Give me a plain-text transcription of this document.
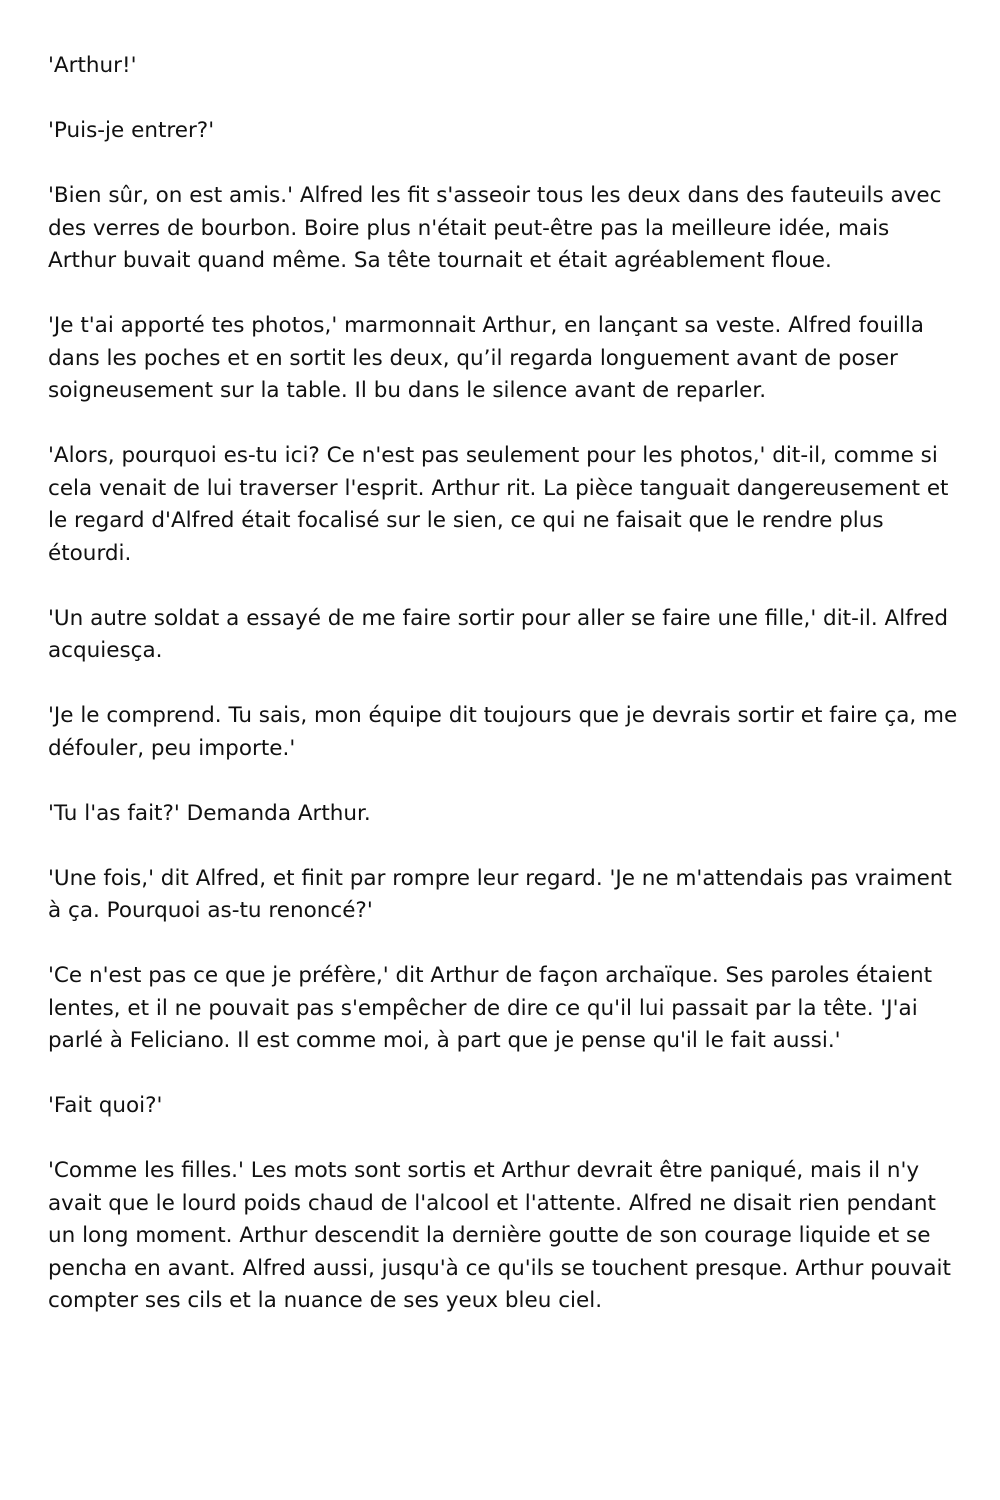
'Arthur!'

'Puis-je entrer?'

'Bien sûr, on est amis.' Alfred les fit s'asseoir tous les deux dans des fauteuils avec des verres de bourbon. Boire plus n'était peut-être pas la meilleure idée, mais Arthur buvait quand même. Sa tête tournait et était agréablement floue.

'Je t'ai apporté tes photos,' marmonnait Arthur, en lançant sa veste. Alfred fouilla dans les poches et en sortit les deux, qu’il regarda longuement avant de poser soigneusement sur la table. Il bu dans le silence avant de reparler.

'Alors, pourquoi es-tu ici? Ce n'est pas seulement pour les photos,' dit-il, comme si cela venait de lui traverser l'esprit. Arthur rit. La pièce tanguait dangereusement et le regard d'Alfred était focalisé sur le sien, ce qui ne faisait que le rendre plus étourdi.

'Un autre soldat a essayé de me faire sortir pour aller se faire une fille,' dit-il. Alfred acquiesça.

'Je le comprend. Tu sais, mon équipe dit toujours que je devrais sortir et faire ça, me défouler, peu importe.'

'Tu l'as fait?' Demanda Arthur.

'Une fois,' dit Alfred, et finit par rompre leur regard. 'Je ne m'attendais pas vraiment à ça. Pourquoi as-tu renoncé?'

'Ce n'est pas ce que je préfère,' dit Arthur de façon archaïque. Ses paroles étaient lentes, et il ne pouvait pas s'empêcher de dire ce qu'il lui passait par la tête. 'J'ai parlé à Feliciano. Il est comme moi, à part que je pense qu'il le fait aussi.'

'Fait quoi?'

'Comme les filles.' Les mots sont sortis et Arthur devrait être paniqué, mais il n'y avait que le lourd poids chaud de l'alcool et l'attente. Alfred ne disait rien pendant un long moment. Arthur descendit la dernière goutte de son courage liquide et se pencha en avant. Alfred aussi, jusqu'à ce qu'ils se touchent presque. Arthur pouvait compter ses cils et la nuance de ses yeux bleu ciel.
